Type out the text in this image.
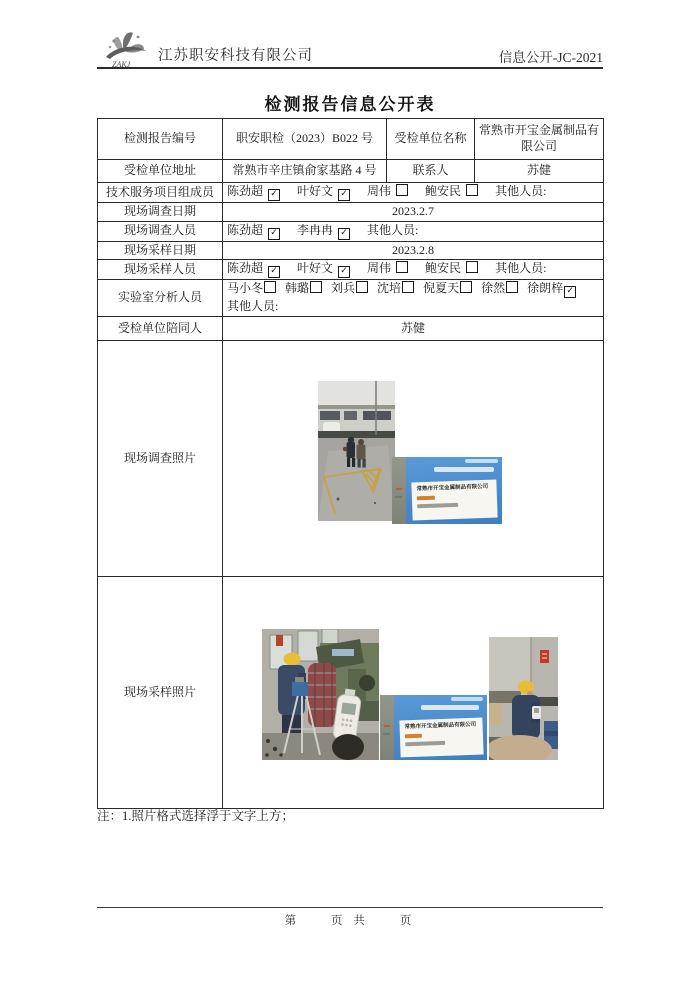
ZAKJ
江苏职安科技有限公司	信息公开-JC-2021
检测报告信息公开表
检测报告编号	职安职检（2023）B022 号	受检单位名称	常熟市开宝金属制品有限公司
受检单位地址	常熟市辛庄镇俞家基路 4 号	联系人	苏健
技术服务项目组成员	陈劲超 ✓ 叶好文 ✓ 周伟 鲍安民 其他人员:		
现场调查日期	2023.2.7		
现场调查人员	陈劲超 ✓ 李冉冉 ✓ 其他人员:		
现场采样日期	2023.2.8		
现场采样人员	陈劲超 ✓ 叶好文 ✓ 周伟 鲍安民 其他人员:		
实验室分析人员	马小冬 韩璐 刘兵 沈培 倪夏天 徐然 徐朗梓 ✓
其他人员:		

受检单位陪同人	苏健		
现场调查照片	常熟市开宝金属制品有限公司		

现场采样照片	常熟市开宝金属制品有限公司		
注：1.照片格式选择浮于文字上方；
第　　页 共　　页
